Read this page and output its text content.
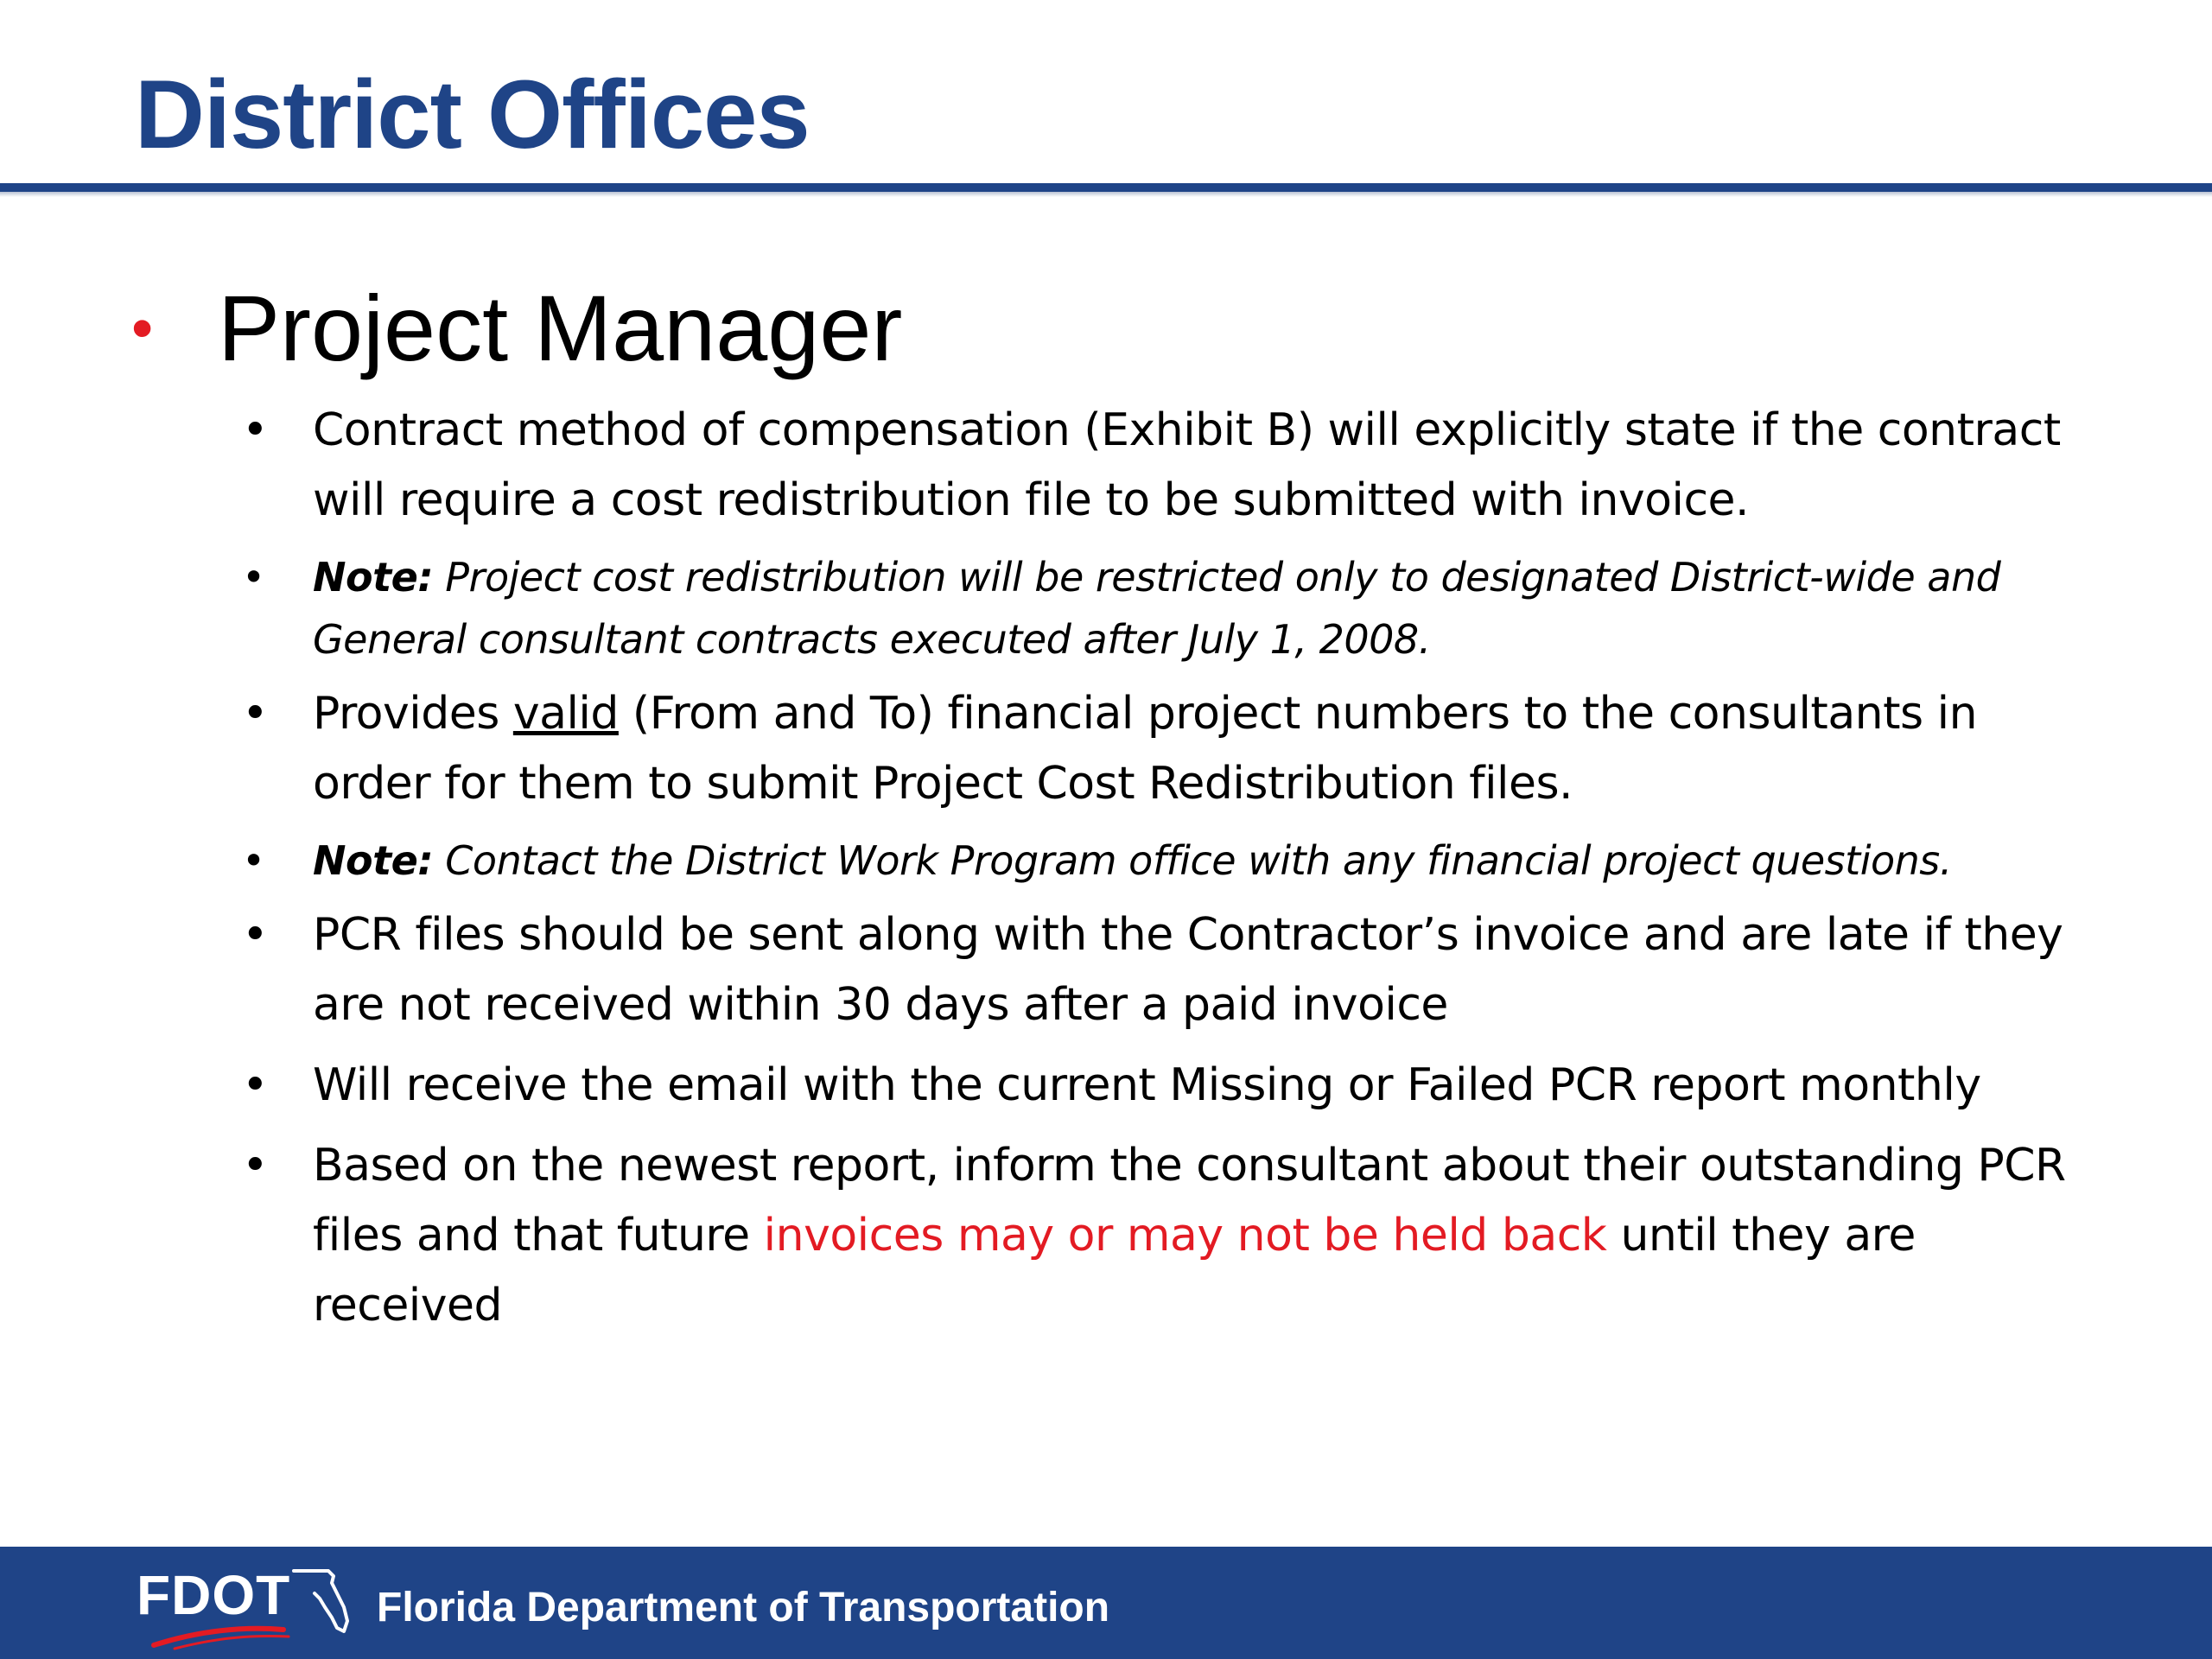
District Offices
• Project Manager
• Contract method of compensation (Exhibit B) will explicitly state if the contract will require a cost redistribution file to be submitted with invoice.
• Note: Project cost redistribution will be restricted only to designated District-wide and General consultant contracts executed after July 1, 2008.
• Provides valid (From and To) financial project numbers to the consultants in order for them to submit Project Cost Redistribution files.
• Note: Contact the District Work Program office with any financial project questions.
• PCR files should be sent along with the Contractor’s invoice and are late if they are not received within 30 days after a paid invoice
• Will receive the email with the current Missing or Failed PCR report monthly
• Based on the newest report, inform the consultant about their outstanding PCR files and that future invoices may or may not be held back until they are received
FDOT Florida Department of Transportation
